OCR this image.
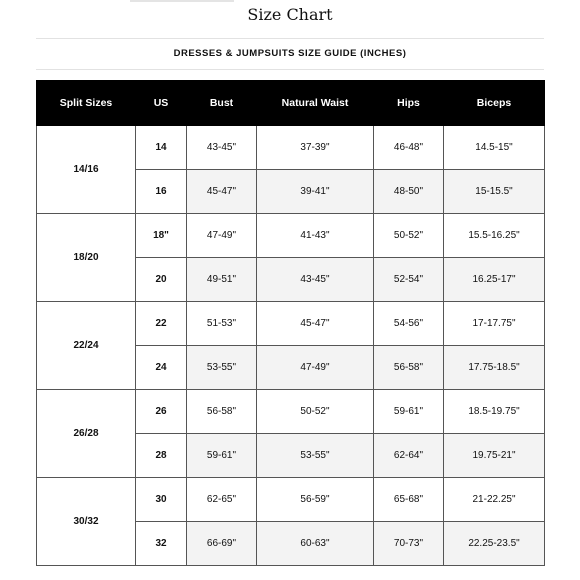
Size Chart
DRESSES & JUMPSUITS SIZE GUIDE (INCHES)
Split Sizes	US	Bust	Natural Waist	Hips	Biceps
14/16	14	43-45"	37-39"	46-48"	14.5-15"
	16	45-47"	39-41"	48-50"	15-15.5"
18/20	18"	47-49"	41-43"	50-52"	15.5-16.25"
	20	49-51"	43-45"	52-54"	16.25-17"
22/24	22	51-53"	45-47"	54-56"	17-17.75"
	24	53-55"	47-49"	56-58"	17.75-18.5"
26/28	26	56-58"	50-52"	59-61"	18.5-19.75"
	28	59-61"	53-55"	62-64"	19.75-21"
30/32	30	62-65"	56-59"	65-68"	21-22.25"
	32	66-69"	60-63"	70-73"	22.25-23.5"
